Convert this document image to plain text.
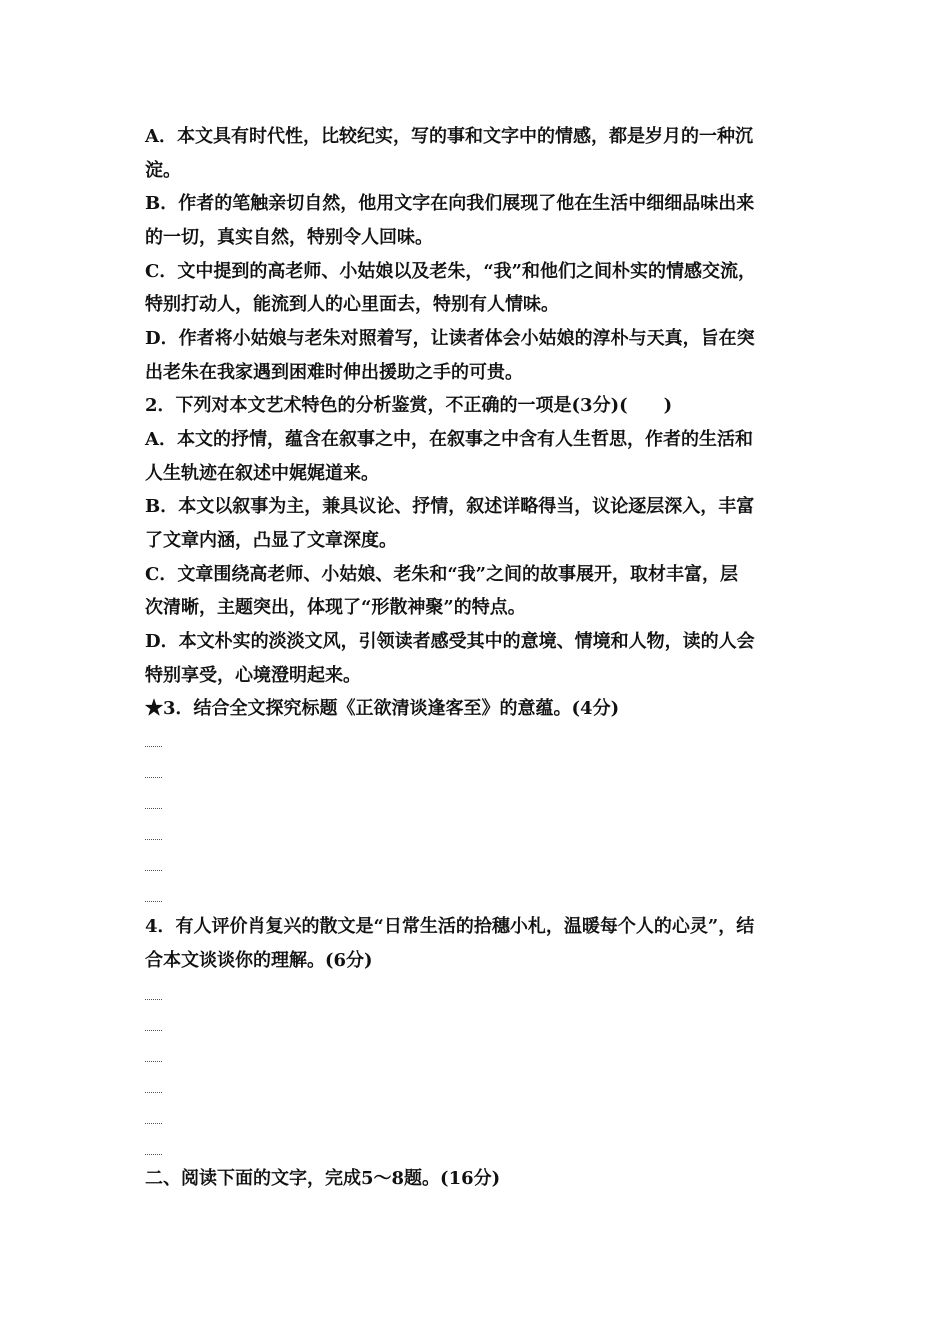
A．本文具有时代性，比较纪实，写的事和文字中的情感，都是岁月的一种沉
淀。
B．作者的笔触亲切自然，他用文字在向我们展现了他在生活中细细品味出来
的一切，真实自然，特别令人回味。
C．文中提到的高老师、小姑娘以及老朱，“我”和他们之间朴实的情感交流，
特别打动人，能流到人的心里面去，特别有人情味。
D．作者将小姑娘与老朱对照着写，让读者体会小姑娘的淳朴与天真，旨在突
出老朱在我家遇到困难时伸出援助之手的可贵。
2．下列对本文艺术特色的分析鉴赏，不正确的一项是(3分)(　　)
A．本文的抒情，蕴含在叙事之中，在叙事之中含有人生哲思，作者的生活和
人生轨迹在叙述中娓娓道来。
B．本文以叙事为主，兼具议论、抒情，叙述详略得当，议论逐层深入，丰富
了文章内涵，凸显了文章深度。
C．文章围绕高老师、小姑娘、老朱和“我”之间的故事展开，取材丰富，层
次清晰，主题突出，体现了“形散神聚”的特点。
D．本文朴实的淡淡文风，引领读者感受其中的意境、情境和人物，读的人会
特别享受，心境澄明起来。
★3．结合全文探究标题《正欲清谈逢客至》的意蕴。(4分)
4．有人评价肖复兴的散文是“日常生活的拾穗小札，温暖每个人的心灵”，结
合本文谈谈你的理解。(6分)
二、阅读下面的文字，完成5～8题。(16分)
